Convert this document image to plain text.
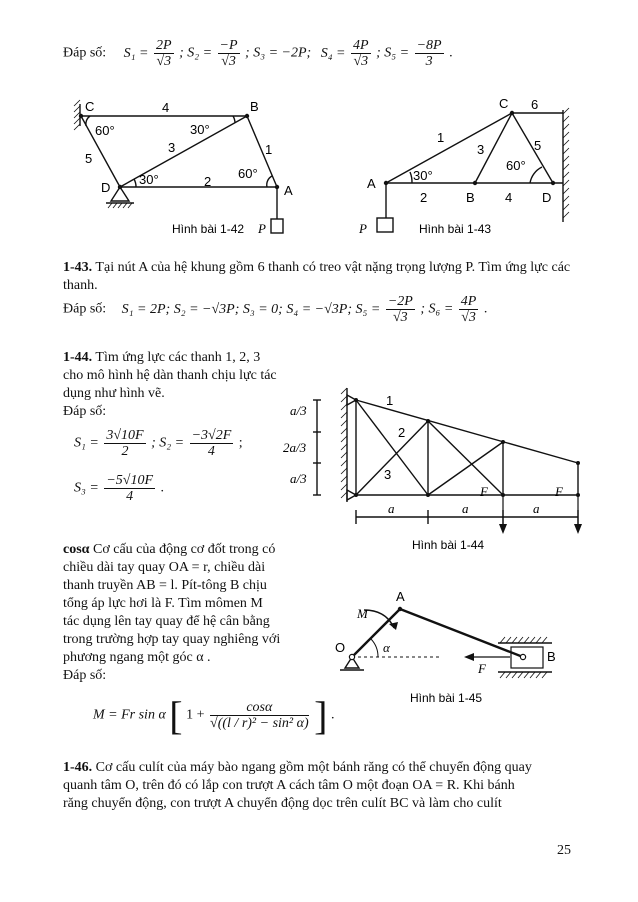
Đáp số: $S_1 = \frac{2P}{√3}$ ; $S_2 = \frac{-P}{√3}$ ; S₃ = −2P; $S_4 = \frac{4P}{√3}$ ; $S_5 = \frac{-8P}{3}$ .
C	B
D	A
4
3	1
5
2
60°	30°
30°	60°
Hình bài 1-42 P
C
A
B	D
6
1
3	5
2	4
30°
60°
P	Hình bài 1-43
1-43. Tại nút A của hệ khung gồm 6 thanh có treo vật nặng trọng lượng P. Tìm ứng lực các thanh.
Đáp số: S₁ = 2P; S₂ = −√3P; S₃ = 0; S₄ = −√3P; $S_5 = \frac{-2P}{√3}$ ; $S_6 = \frac{4P}{√3}$ .
1-44. Tìm ứng lực các thanh 1, 2, 3
cho mô hình hệ dàn thanh chịu lực tác
dụng như hình vẽ.
Đáp số:
$S_1 = \frac{3√10F}{2}$ ; $S_2 = \frac{-3√2F}{4}$ ;
$S_3 = \frac{-5√10F}{4}$ .
a/3
2a/3
a/3
a	a	a
1
2
3
F	F
Hình bài 1-44
cosα Cơ cấu của động cơ đốt trong có
chiều dài tay quay OA = r, chiều dài
thanh truyền AB = l. Pít-tông B chịu
tổng áp lực hơi là F. Tìm mômen M
tác dụng lên tay quay để hệ cân bằng
trong trường hợp tay quay nghiêng với
phương ngang một góc α .
Đáp số:
M = Fr sin α [ $1 + \frac{\cos\alpha}{\text{√((l / r)² − sin² α)}}$ ] .
A
M
O	α
B
F
Hình bài 1-45
1-46. Cơ cấu culít của máy bào ngang gồm một bánh răng có thể chuyển động quay
quanh tâm O, trên đó có lắp con trượt A cách tâm O một đoạn OA = R. Khi bánh
răng chuyển động, con trượt A chuyển động dọc trên culít BC và làm cho culít
25
